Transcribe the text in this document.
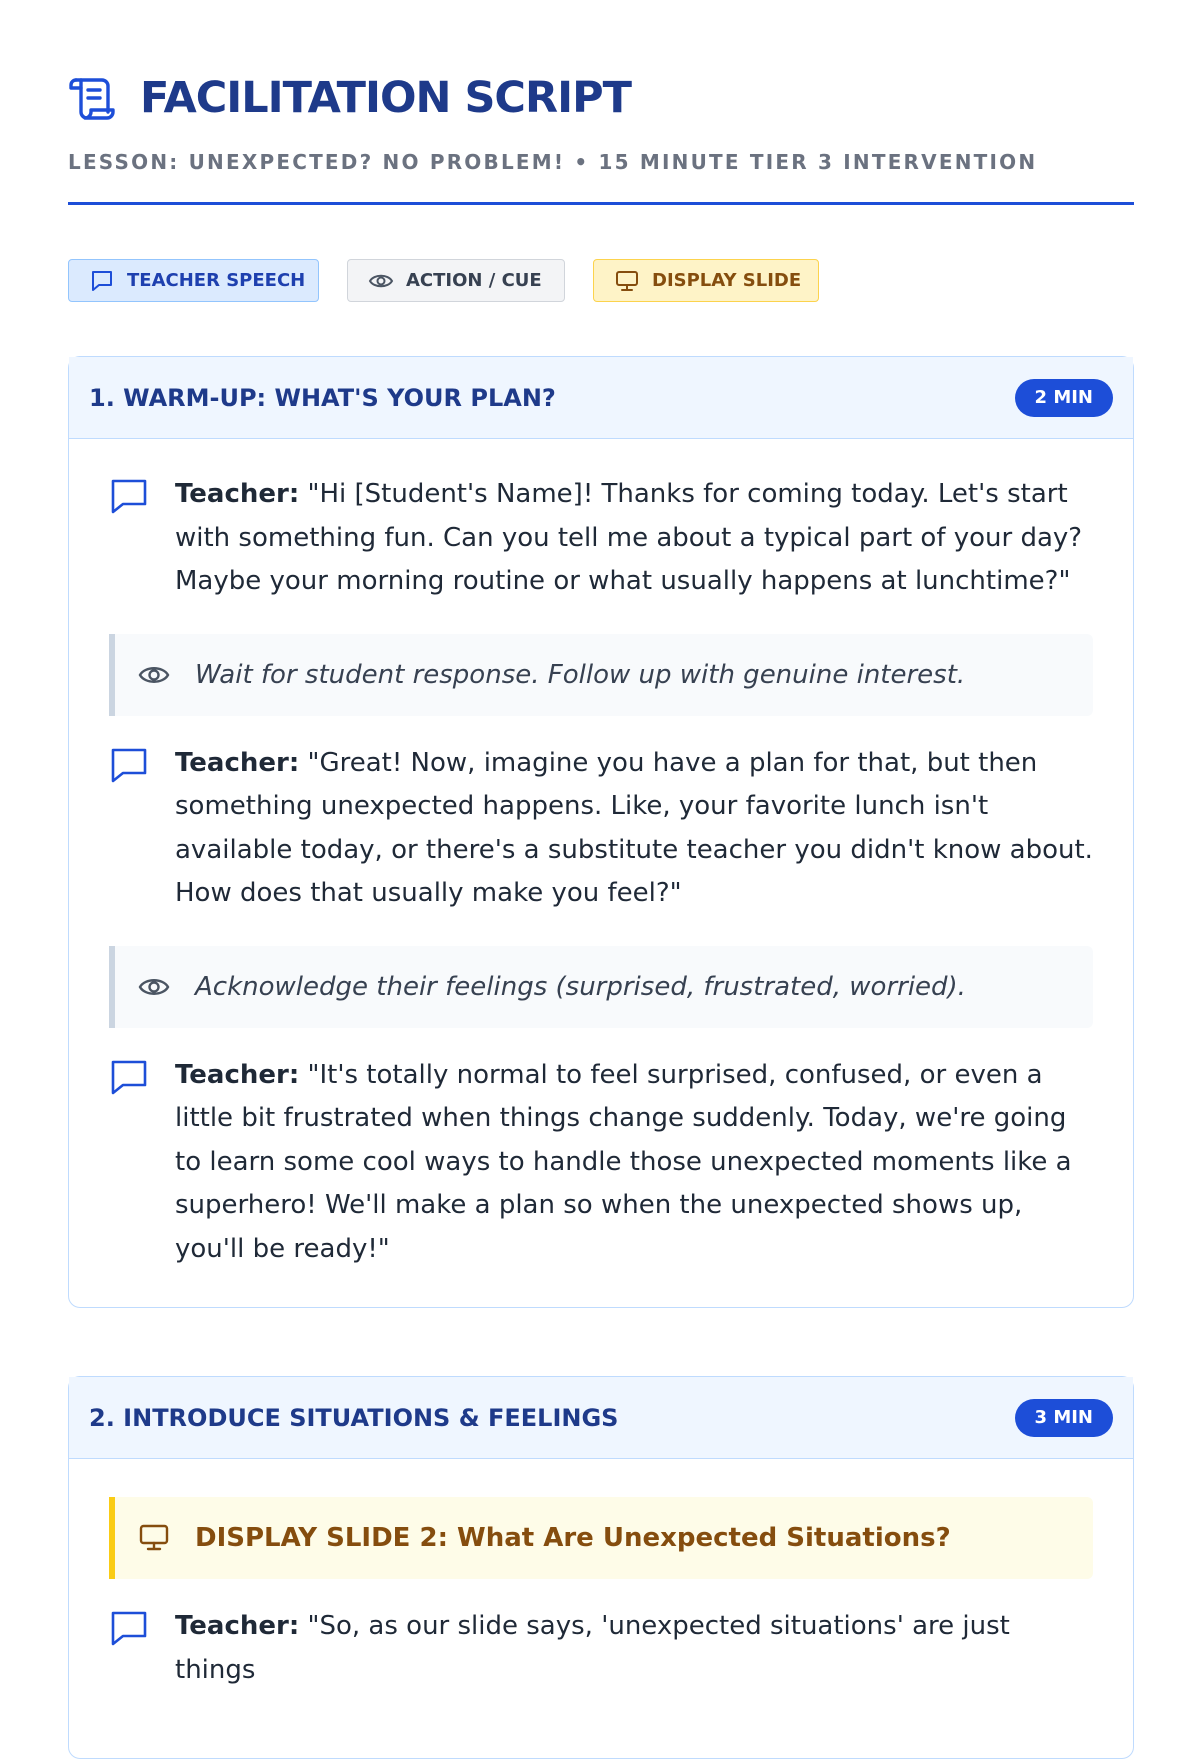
FACILITATION SCRIPT
LESSON: UNEXPECTED? NO PROBLEM! • 15 MINUTE TIER 3 INTERVENTION
TEACHER SPEECH	ACTION / CUE	DISPLAY SLIDE
1. WARM-UP: WHAT'S YOUR PLAN?	2 MIN

Teacher: "Hi [Student's Name]! Thanks for coming today. Let's start with something fun. Can you tell me about a typical part of your day? Maybe your morning routine or what usually happens at lunchtime?"

Wait for student response. Follow up with genuine interest.

Teacher: "Great! Now, imagine you have a plan for that, but then something unexpected happens. Like, your favorite lunch isn't available today, or there's a substitute teacher you didn't know about. How does that usually make you feel?"

Acknowledge their feelings (surprised, frustrated, worried).

Teacher: "It's totally normal to feel surprised, confused, or even a little bit frustrated when things change suddenly. Today, we're going to learn some cool ways to handle those unexpected moments like a superhero! We'll make a plan so when the unexpected shows up, you'll be ready!"

2. INTRODUCE SITUATIONS & FEELINGS	3 MIN
DISPLAY SLIDE 2: What Are Unexpected Situations?

Teacher: "So, as our slide says, 'unexpected situations' are just things
